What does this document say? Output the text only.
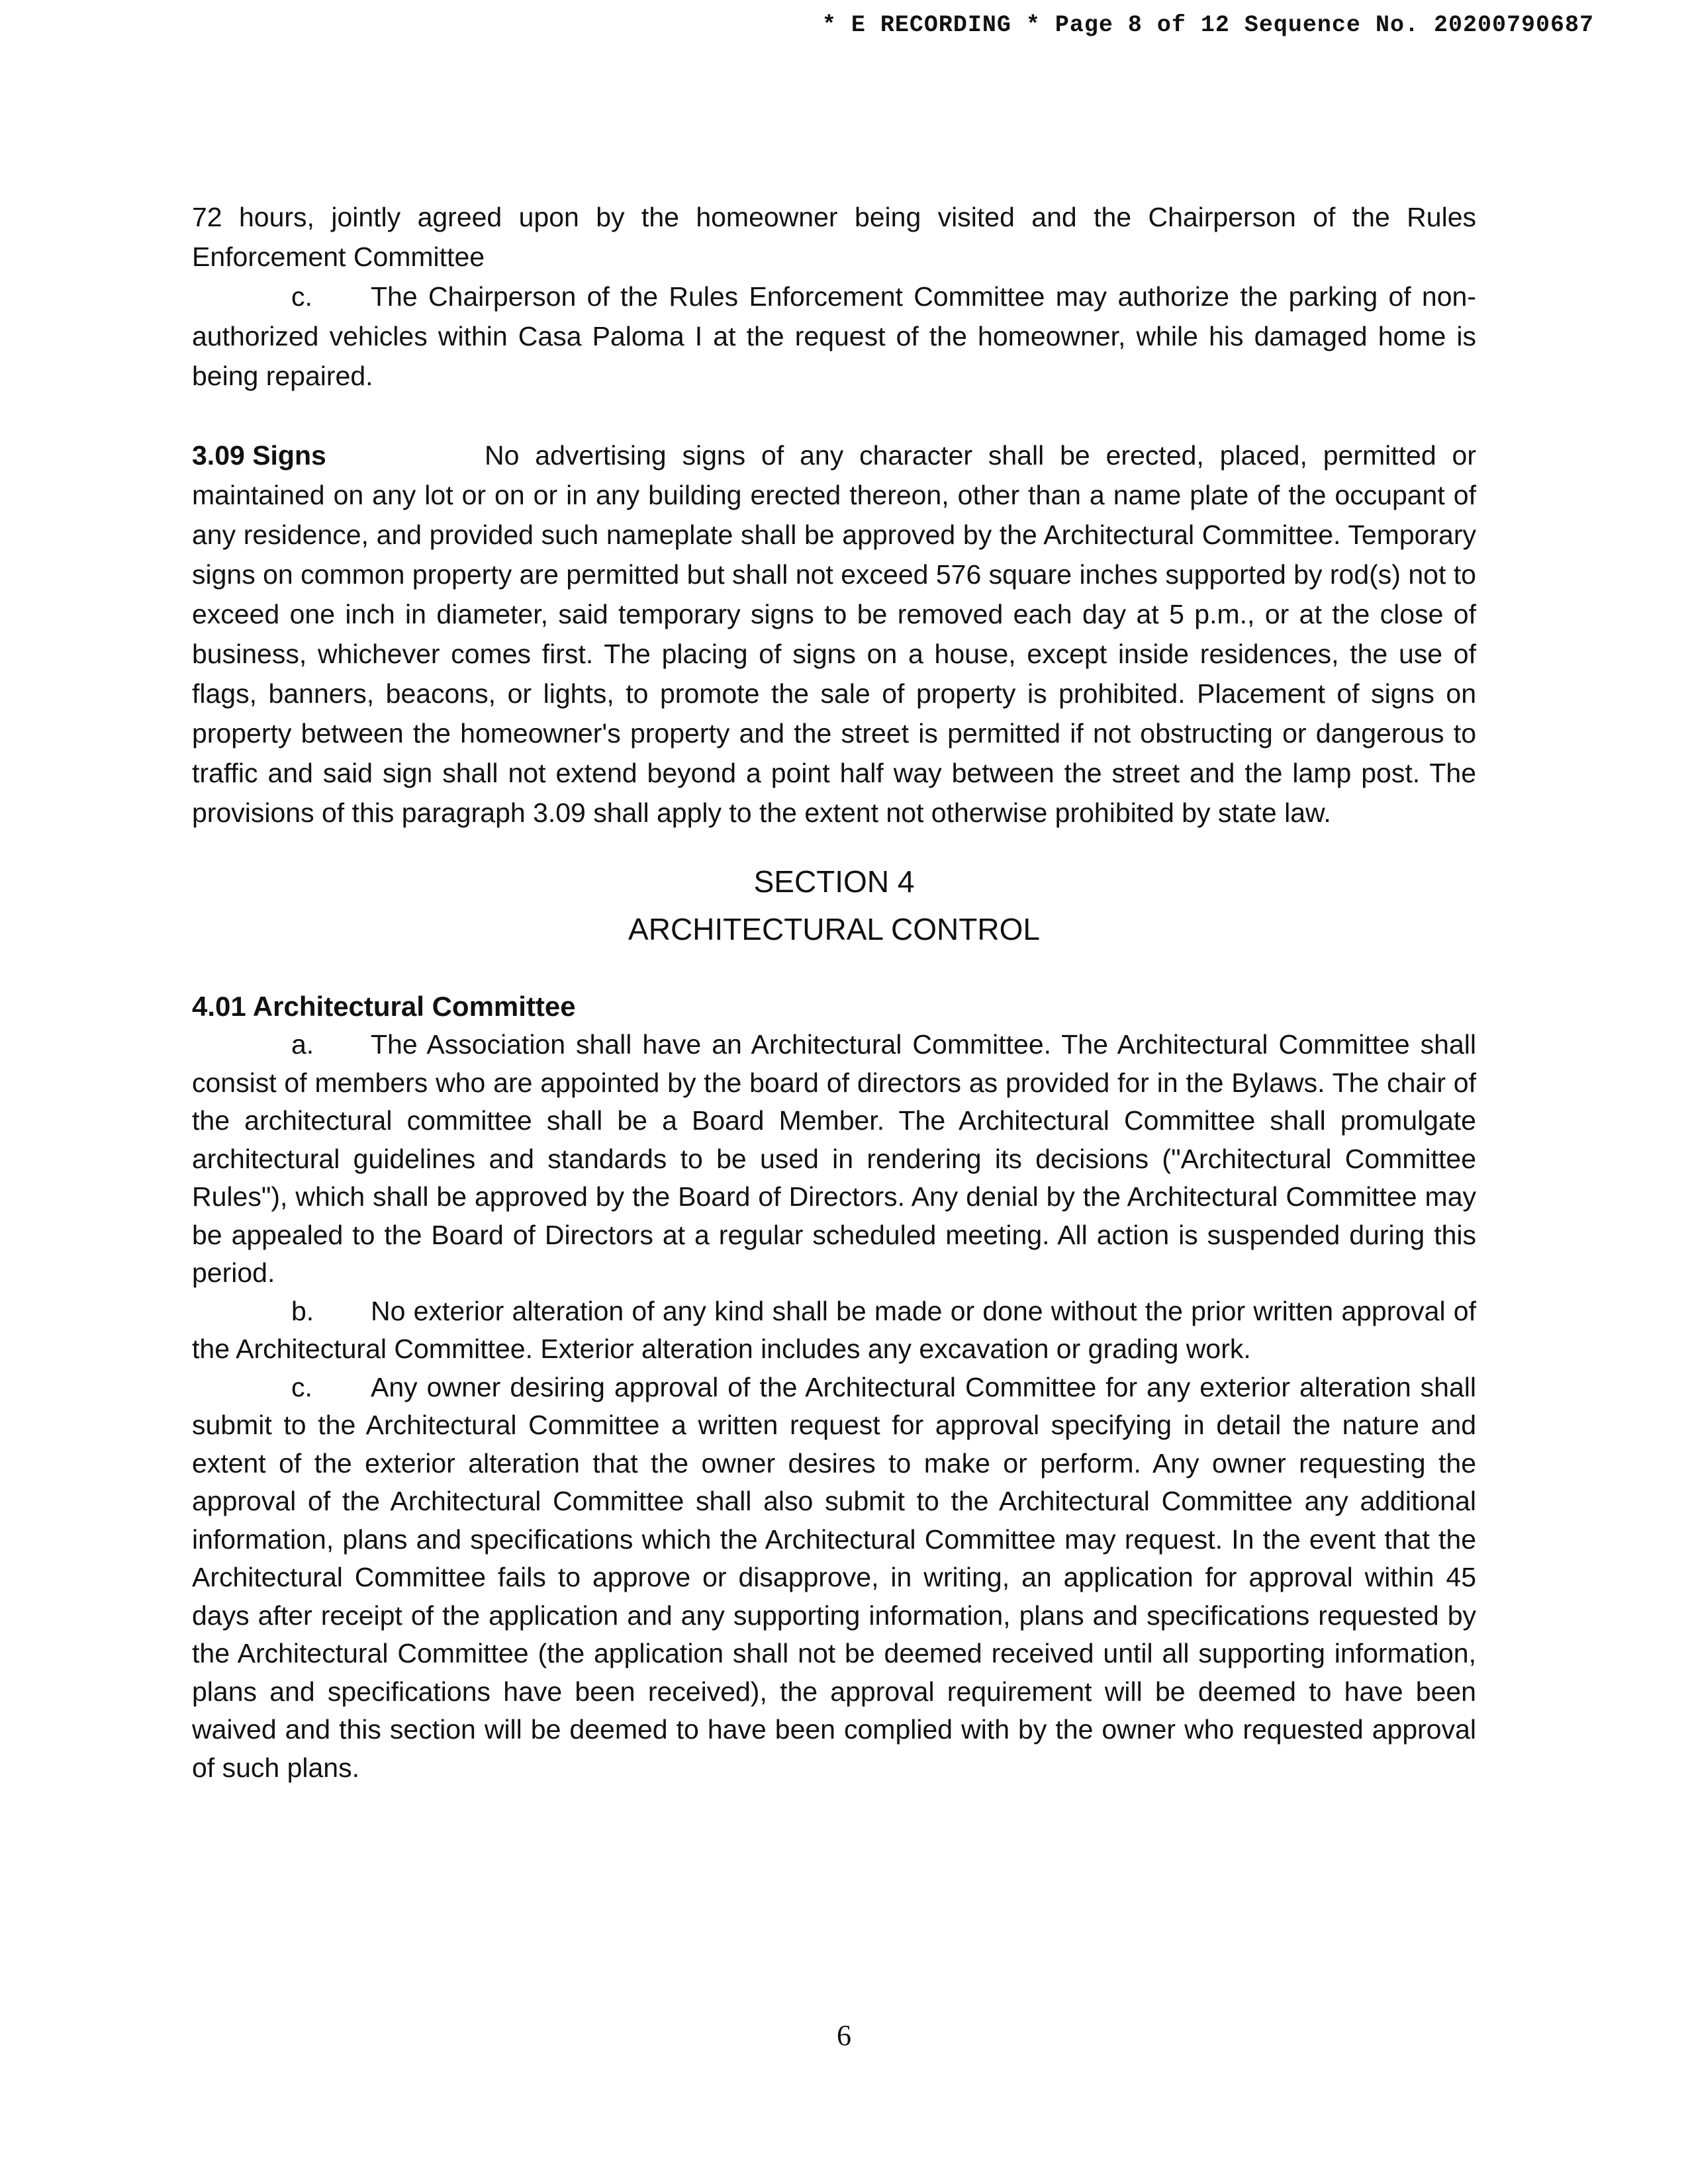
* E RECORDING * Page 8 of 12 Sequence No. 20200790687

72 hours, jointly agreed upon by the homeowner being visited and the Chairperson of the Rules Enforcement Committee

c. The Chairperson of the Rules Enforcement Committee may authorize the parking of non-authorized vehicles within Casa Paloma I at the request of the homeowner, while his damaged home is being repaired.

3.09 Signs	No advertising signs of any character shall be erected, placed, permitted or maintained on any lot or on or in any building erected thereon, other than a name plate of the occupant of any residence, and provided such nameplate shall be approved by the Architectural Committee. Temporary signs on common property are permitted but shall not exceed 576 square inches supported by rod(s) not to exceed one inch in diameter, said temporary signs to be removed each day at 5 p.m., or at the close of business, whichever comes first. The placing of signs on a house, except inside residences, the use of flags, banners, beacons, or lights, to promote the sale of property is prohibited. Placement of signs on property between the homeowner's property and the street is permitted if not obstructing or dangerous to traffic and said sign shall not extend beyond a point half way between the street and the lamp post. The provisions of this paragraph 3.09 shall apply to the extent not otherwise prohibited by state law.

SECTION 4
ARCHITECTURAL CONTROL
4.01 Architectural Committee

a. The Association shall have an Architectural Committee. The Architectural Committee shall consist of members who are appointed by the board of directors as provided for in the Bylaws. The chair of the architectural committee shall be a Board Member. The Architectural Committee shall promulgate architectural guidelines and standards to be used in rendering its decisions ("Architectural Committee Rules"), which shall be approved by the Board of Directors. Any denial by the Architectural Committee may be appealed to the Board of Directors at a regular scheduled meeting. All action is suspended during this period.

b. No exterior alteration of any kind shall be made or done without the prior written approval of the Architectural Committee. Exterior alteration includes any excavation or grading work.

c. Any owner desiring approval of the Architectural Committee for any exterior alteration shall submit to the Architectural Committee a written request for approval specifying in detail the nature and extent of the exterior alteration that the owner desires to make or perform. Any owner requesting the approval of the Architectural Committee shall also submit to the Architectural Committee any additional information, plans and specifications which the Architectural Committee may request. In the event that the Architectural Committee fails to approve or disapprove, in writing, an application for approval within 45 days after receipt of the application and any supporting information, plans and specifications requested by the Architectural Committee (the application shall not be deemed received until all supporting information, plans and specifications have been received), the approval requirement will be deemed to have been waived and this section will be deemed to have been complied with by the owner who requested approval of such plans.

6
